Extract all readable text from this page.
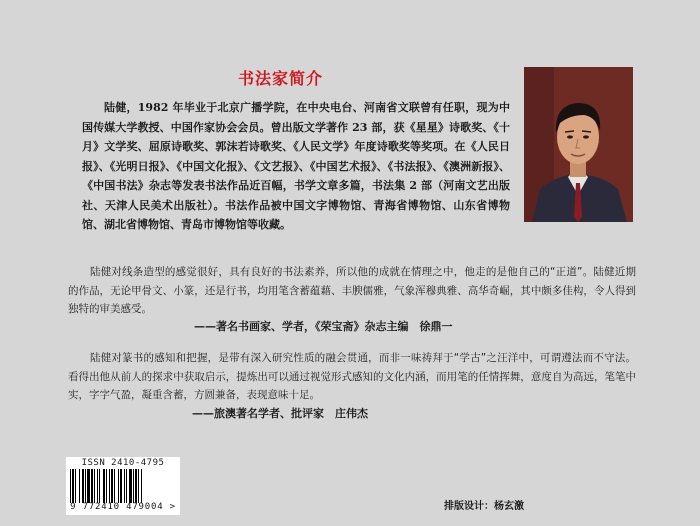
书法家简介

陆健，1982 年毕业于北京广播学院，在中央电台、河南省文联曾有任职，现为中国传媒大学教授、中国作家协会会员。曾出版文学著作 23 部，获《星星》诗歌奖、《十月》文学奖、屈原诗歌奖、郭沫若诗歌奖、《人民文学》年度诗歌奖等奖项。在《人民日报》、《光明日报》、《中国文化报》、《文艺报》、《中国艺术报》、《书法报》、《澳洲新报》、《中国书法》杂志等发表书法作品近百幅，书学文章多篇，书法集 2 部（河南文艺出版社、天津人民美术出版社）。书法作品被中国文字博物馆、青海省博物馆、山东省博物馆、湖北省博物馆、青岛市博物馆等收藏。

陆健对线条造型的感觉很好，具有良好的书法素养，所以他的成就在情理之中，他走的是他自己的“正道”。陆健近期的作品，无论甲骨文、小篆，还是行书，均用笔含蓄蕴藉、丰腴儒雅，气象浑穆典雅、高华奇崛，其中颇多佳构，令人得到独特的审美感受。

——著名书画家、学者，《荣宝斋》杂志主编　徐鼎一

陆健对篆书的感知和把握，是带有深入研究性质的融会贯通，而非一味祷拜于“学古”之汪洋中，可谓遵法而不守法。看得出他从前人的探求中获取启示，提炼出可以通过视觉形式感知的文化内涵，而用笔的任情挥舞，意度自为高远，笔笔中实，字字气盈，凝重含蓄，方圆兼备，表现意味十足。

——旅澳著名学者、批评家　庄伟杰
ISSN 2410-4795
9 772410 479004 >	排版设计：杨玄激
